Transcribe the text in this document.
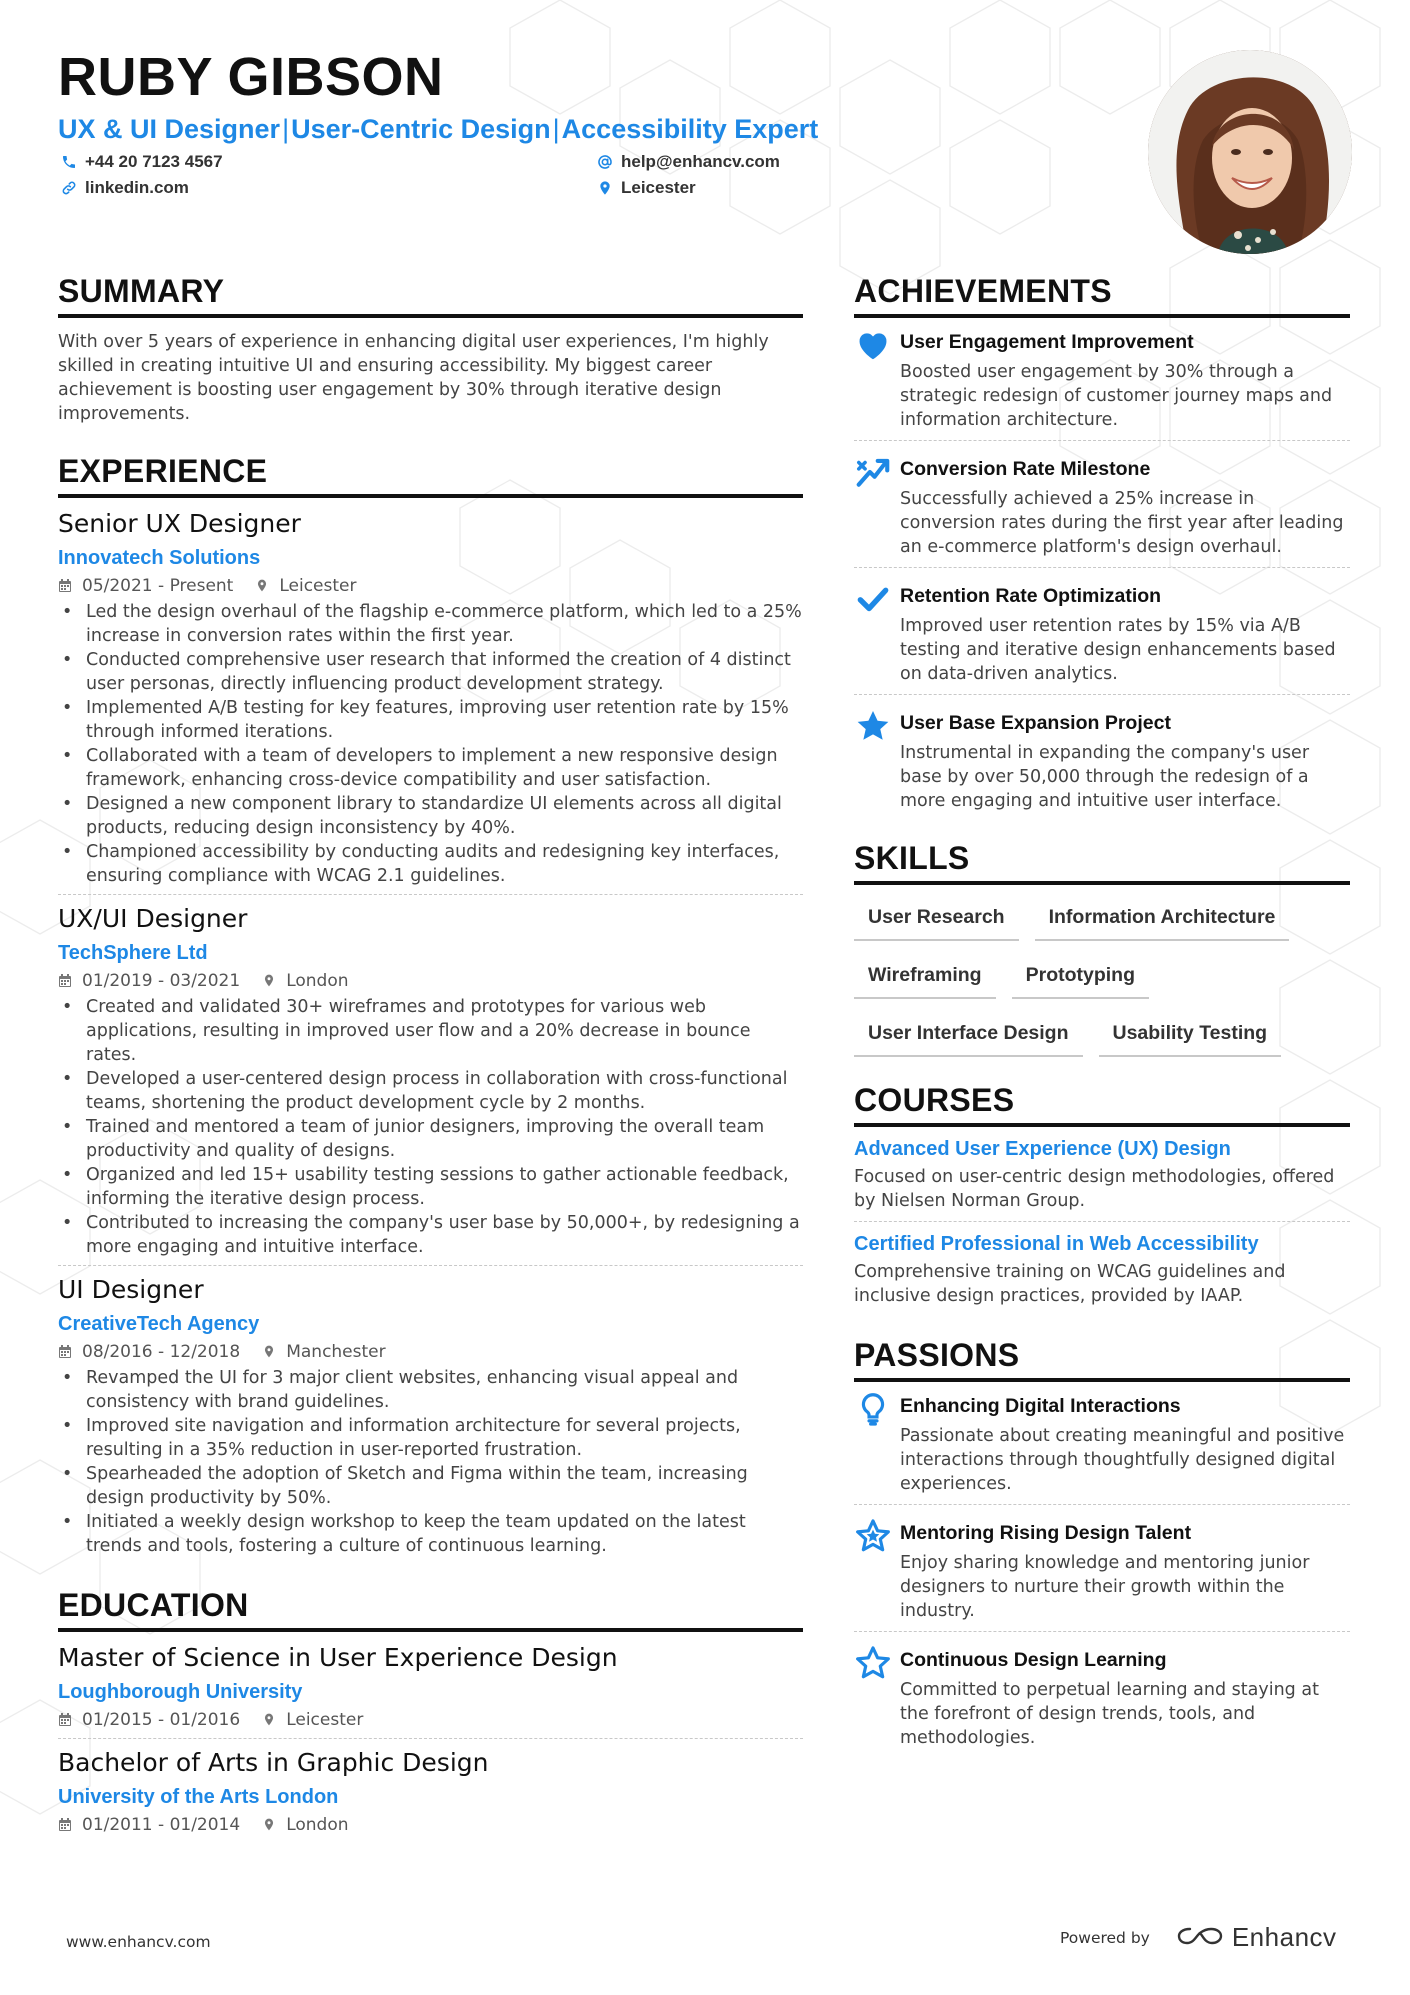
RUBY GIBSON
UX & UI Designer|User-Centric Design|Accessibility Expert
+44 20 7123 4567	help@enhancv.com
linkedin.com	Leicester
SUMMARY
With over 5 years of experience in enhancing digital user experiences, I'm highly skilled in creating intuitive UI and ensuring accessibility. My biggest career achievement is boosting user engagement by 30% through iterative design improvements.
EXPERIENCE
Senior UX Designer
Innovatech Solutions
05/2021 - Present	Leicester
• Led the design overhaul of the flagship e-commerce platform, which led to a 25% increase in conversion rates within the first year.
• Conducted comprehensive user research that informed the creation of 4 distinct user personas, directly influencing product development strategy.
• Implemented A/B testing for key features, improving user retention rate by 15% through informed iterations.
• Collaborated with a team of developers to implement a new responsive design framework, enhancing cross-device compatibility and user satisfaction.
• Designed a new component library to standardize UI elements across all digital products, reducing design inconsistency by 40%.
• Championed accessibility by conducting audits and redesigning key interfaces, ensuring compliance with WCAG 2.1 guidelines.
UX/UI Designer
TechSphere Ltd
01/2019 - 03/2021	London
• Created and validated 30+ wireframes and prototypes for various web applications, resulting in improved user flow and a 20% decrease in bounce rates.
• Developed a user-centered design process in collaboration with cross-functional teams, shortening the product development cycle by 2 months.
• Trained and mentored a team of junior designers, improving the overall team productivity and quality of designs.
• Organized and led 15+ usability testing sessions to gather actionable feedback, informing the iterative design process.
• Contributed to increasing the company's user base by 50,000+, by redesigning a more engaging and intuitive interface.
UI Designer
CreativeTech Agency
08/2016 - 12/2018	Manchester
• Revamped the UI for 3 major client websites, enhancing visual appeal and consistency with brand guidelines.
• Improved site navigation and information architecture for several projects, resulting in a 35% reduction in user-reported frustration.
• Spearheaded the adoption of Sketch and Figma within the team, increasing design productivity by 50%.
• Initiated a weekly design workshop to keep the team updated on the latest trends and tools, fostering a culture of continuous learning.
EDUCATION
Master of Science in User Experience Design
Loughborough University
01/2015 - 01/2016	Leicester
Bachelor of Arts in Graphic Design
University of the Arts London
01/2011 - 01/2014	London
ACHIEVEMENTS
User Engagement Improvement
Boosted user engagement by 30% through a strategic redesign of customer journey maps and information architecture.
Conversion Rate Milestone
Successfully achieved a 25% increase in conversion rates during the first year after leading an e-commerce platform's design overhaul.
Retention Rate Optimization
Improved user retention rates by 15% via A/B testing and iterative design enhancements based on data-driven analytics.
User Base Expansion Project
Instrumental in expanding the company's user base by over 50,000 through the redesign of a more engaging and intuitive user interface.
SKILLS
User Research	Information Architecture
Wireframing	Prototyping
User Interface Design	Usability Testing
COURSES
Advanced User Experience (UX) Design
Focused on user-centric design methodologies, offered by Nielsen Norman Group.
Certified Professional in Web Accessibility
Comprehensive training on WCAG guidelines and inclusive design practices, provided by IAAP.
PASSIONS
Enhancing Digital Interactions
Passionate about creating meaningful and positive interactions through thoughtfully designed digital experiences.
Mentoring Rising Design Talent
Enjoy sharing knowledge and mentoring junior designers to nurture their growth within the industry.
Continuous Design Learning
Committed to perpetual learning and staying at the forefront of design trends, tools, and methodologies.
www.enhancv.com	Powered by	Enhancv
